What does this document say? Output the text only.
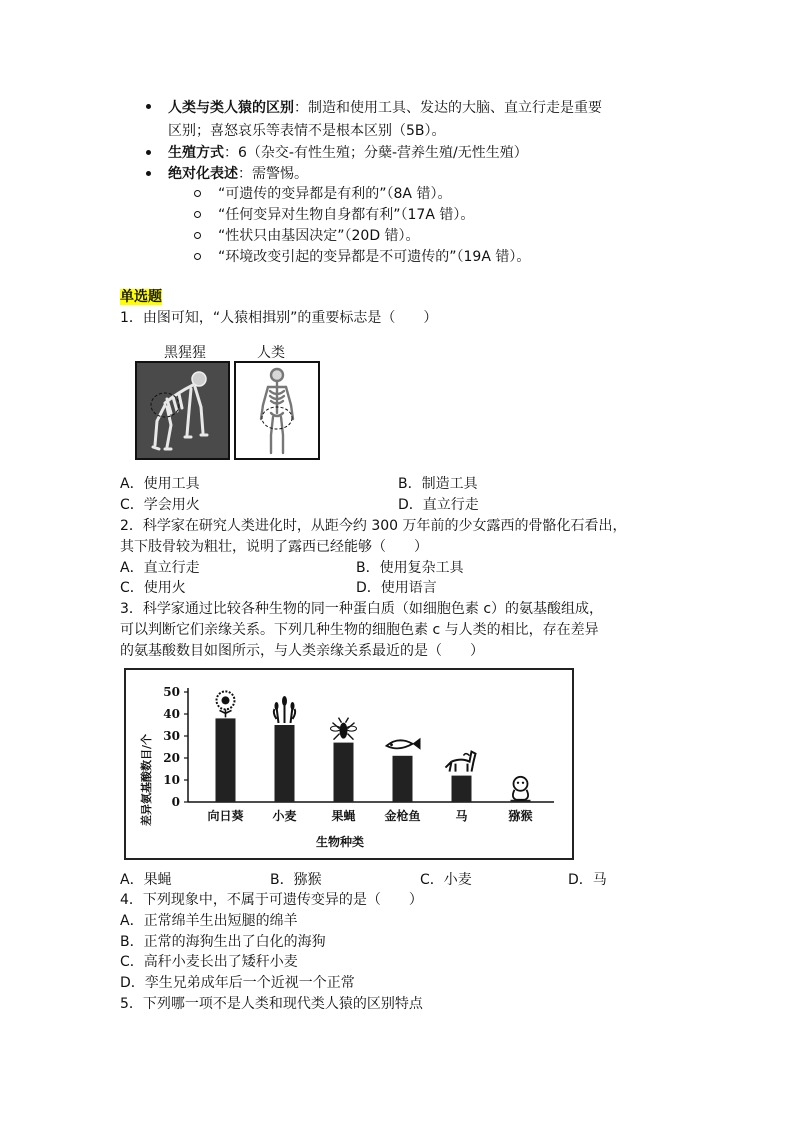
人类与类人猿的区别：制造和使用工具、发达的大脑、直立行走是重要
区别；喜怒哀乐等表情不是根本区别（5B）。
生殖方式：6（杂交-有性生殖；分蘖-营养生殖/无性生殖）
绝对化表述：需警惕。
“可遗传的变异都是有利的”（8A 错）。
“任何变异对生物自身都有利”（17A 错）。
“性状只由基因决定”（20D 错）。
“环境改变引起的变异都是不可遗传的”（19A 错）。
单选题
1．由图可知，“人猿相揖别”的重要标志是（　　）
黑猩猩	人类
A．使用工具	B．制造工具
C．学会用火	D．直立行走
2．科学家在研究人类进化时，从距今约 300 万年前的少女露西的骨骼化石看出，
其下肢骨较为粗壮，说明了露西已经能够（　　）
A．直立行走	B．使用复杂工具
C．使用火	D．使用语言
3．科学家通过比较各种生物的同一种蛋白质（如细胞色素 c）的氨基酸组成，
可以判断它们亲缘关系。下列几种生物的细胞色素 c 与人类的相比，存在差异
的氨基酸数目如图所示，与人类亲缘关系最近的是（　　）
差异氨基酸数目/个 0
10
20
30
40
50
向日葵 小麦	果蝇 金枪鱼	马	猕猴
生物种类
A．果蝇	B．猕猴	C．小麦	D．马
4．下列现象中，不属于可遗传变异的是（　　）
A．正常绵羊生出短腿的绵羊
B．正常的海狗生出了白化的海狗
C．高秆小麦长出了矮秆小麦
D．孪生兄弟成年后一个近视一个正常
5．下列哪一项不是人类和现代类人猿的区别特点
